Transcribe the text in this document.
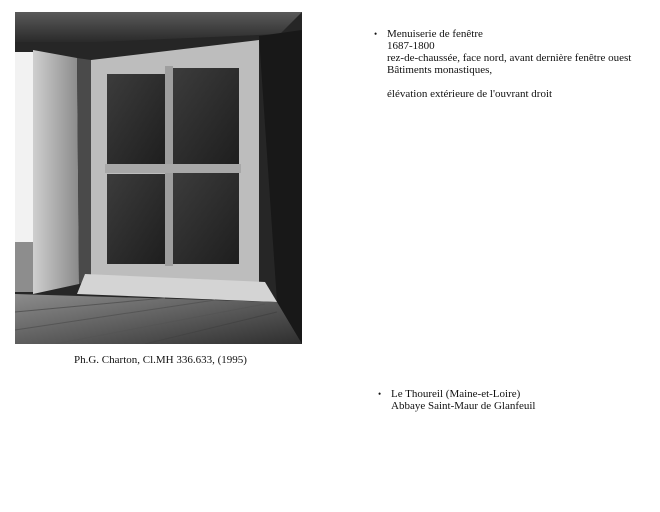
Ph.G. Charton, Cl.MH 336.633, (1995)
• Menuiserie de fenêtre
1687-1800
rez-de-chaussée, face nord, avant dernière fenêtre ouest
Bâtiments monastiques,
élévation extérieure de l'ouvrant droit
• Le Thoureil (Maine-et-Loire)
Abbaye Saint-Maur de Glanfeuil
